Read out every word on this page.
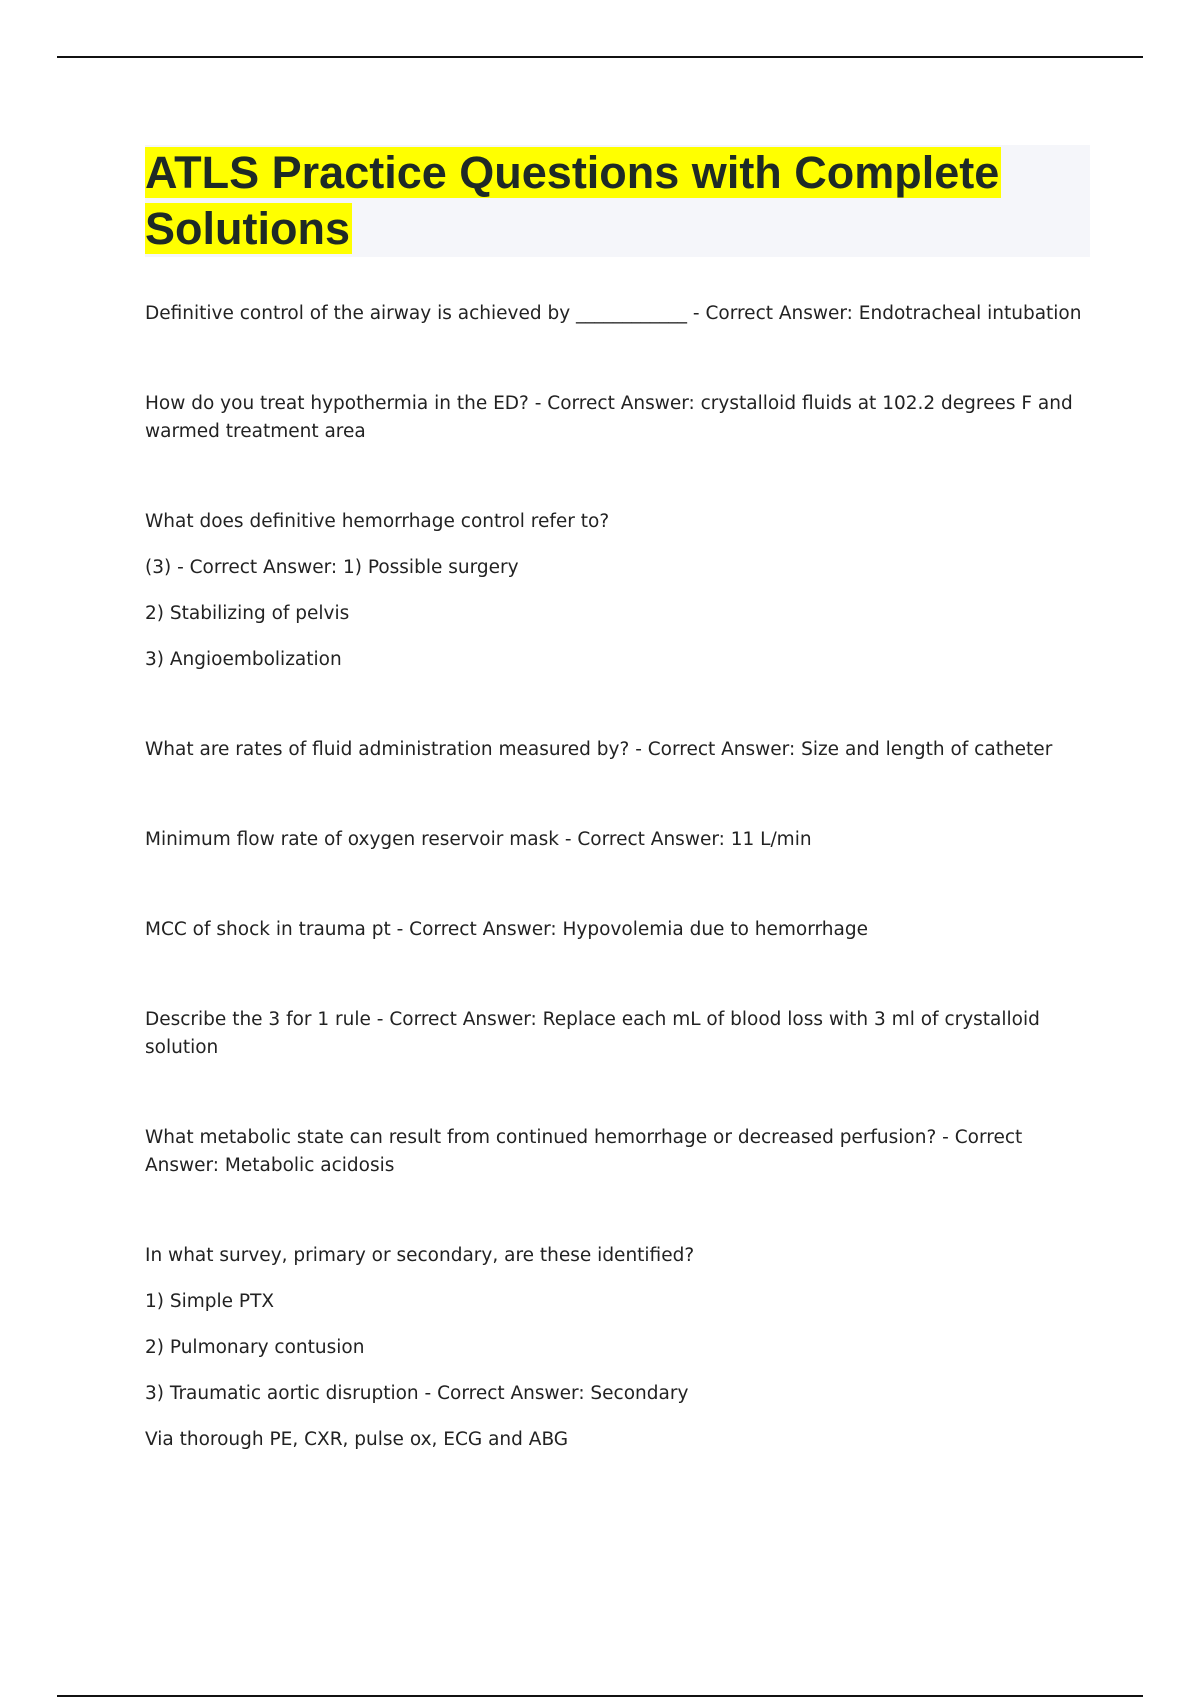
ATLS Practice Questions with Complete Solutions

Definitive control of the airway is achieved by ____________ - Correct Answer: Endotracheal intubation

How do you treat hypothermia in the ED? - Correct Answer: crystalloid fluids at 102.2 degrees F and warmed treatment area

What does definitive hemorrhage control refer to?

(3) - Correct Answer: 1) Possible surgery

2) Stabilizing of pelvis

3) Angioembolization

What are rates of fluid administration measured by? - Correct Answer: Size and length of catheter

Minimum flow rate of oxygen reservoir mask - Correct Answer: 11 L/min

MCC of shock in trauma pt - Correct Answer: Hypovolemia due to hemorrhage

Describe the 3 for 1 rule - Correct Answer: Replace each mL of blood loss with 3 ml of crystalloid solution

What metabolic state can result from continued hemorrhage or decreased perfusion? - Correct Answer: Metabolic acidosis

In what survey, primary or secondary, are these identified?

1) Simple PTX

2) Pulmonary contusion

3) Traumatic aortic disruption - Correct Answer: Secondary

Via thorough PE, CXR, pulse ox, ECG and ABG
